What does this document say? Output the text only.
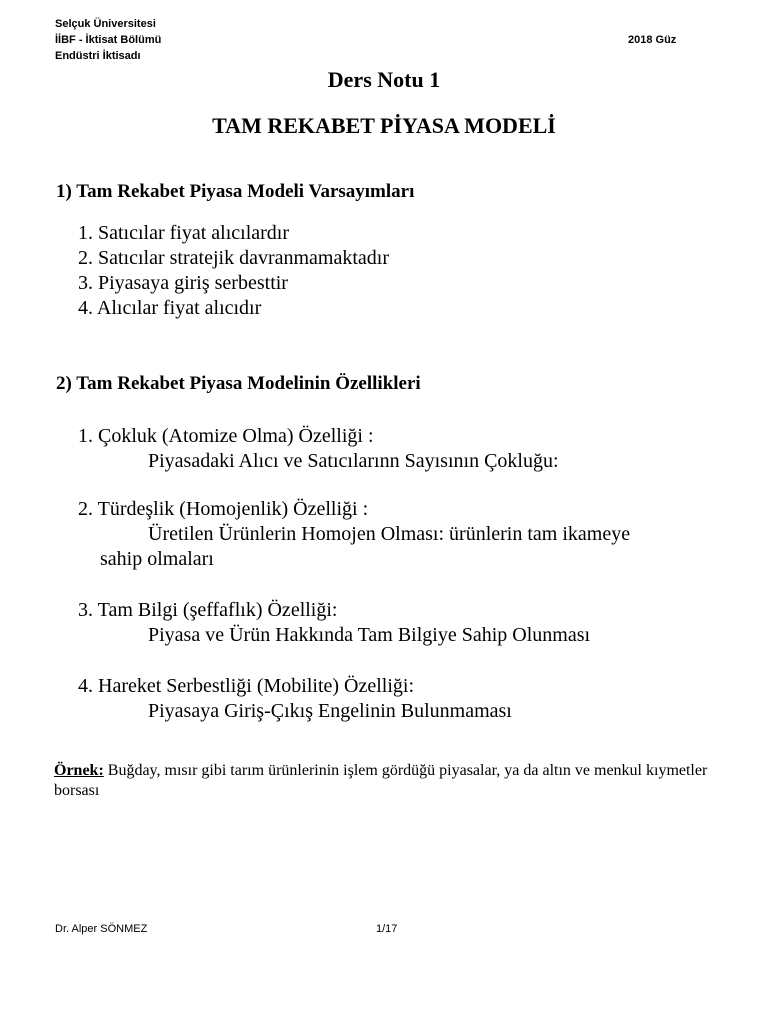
Selçuk Üniversitesi
İİBF - İktisat Bölümü
Endüstri İktisadı
2018 Güz
Ders Notu 1
TAM REKABET PİYASA MODELİ
1) Tam Rekabet Piyasa Modeli Varsayımları
1. Satıcılar fiyat alıcılardır
2. Satıcılar stratejik davranmamaktadır
3. Piyasaya giriş serbesttir
4. Alıcılar fiyat alıcıdır
2) Tam Rekabet Piyasa Modelinin Özellikleri
1. Çokluk (Atomize Olma) Özelliği :
Piyasadaki Alıcı ve Satıcılarınn Sayısının Çokluğu:
2. Türdeşlik (Homojenlik) Özelliği :
Üretilen Ürünlerin Homojen Olması: ürünlerin tam ikameye
sahip olmaları
3. Tam Bilgi (şeffaflık) Özelliği:
Piyasa ve Ürün Hakkında Tam Bilgiye Sahip Olunması
4. Hareket Serbestliği (Mobilite) Özelliği:
Piyasaya Giriş-Çıkış Engelinin Bulunmaması
Örnek: Buğday, mısır gibi tarım ürünlerinin işlem gördüğü piyasalar, ya da altın ve menkul kıymetler borsası
Dr. Alper SÖNMEZ	1/17
